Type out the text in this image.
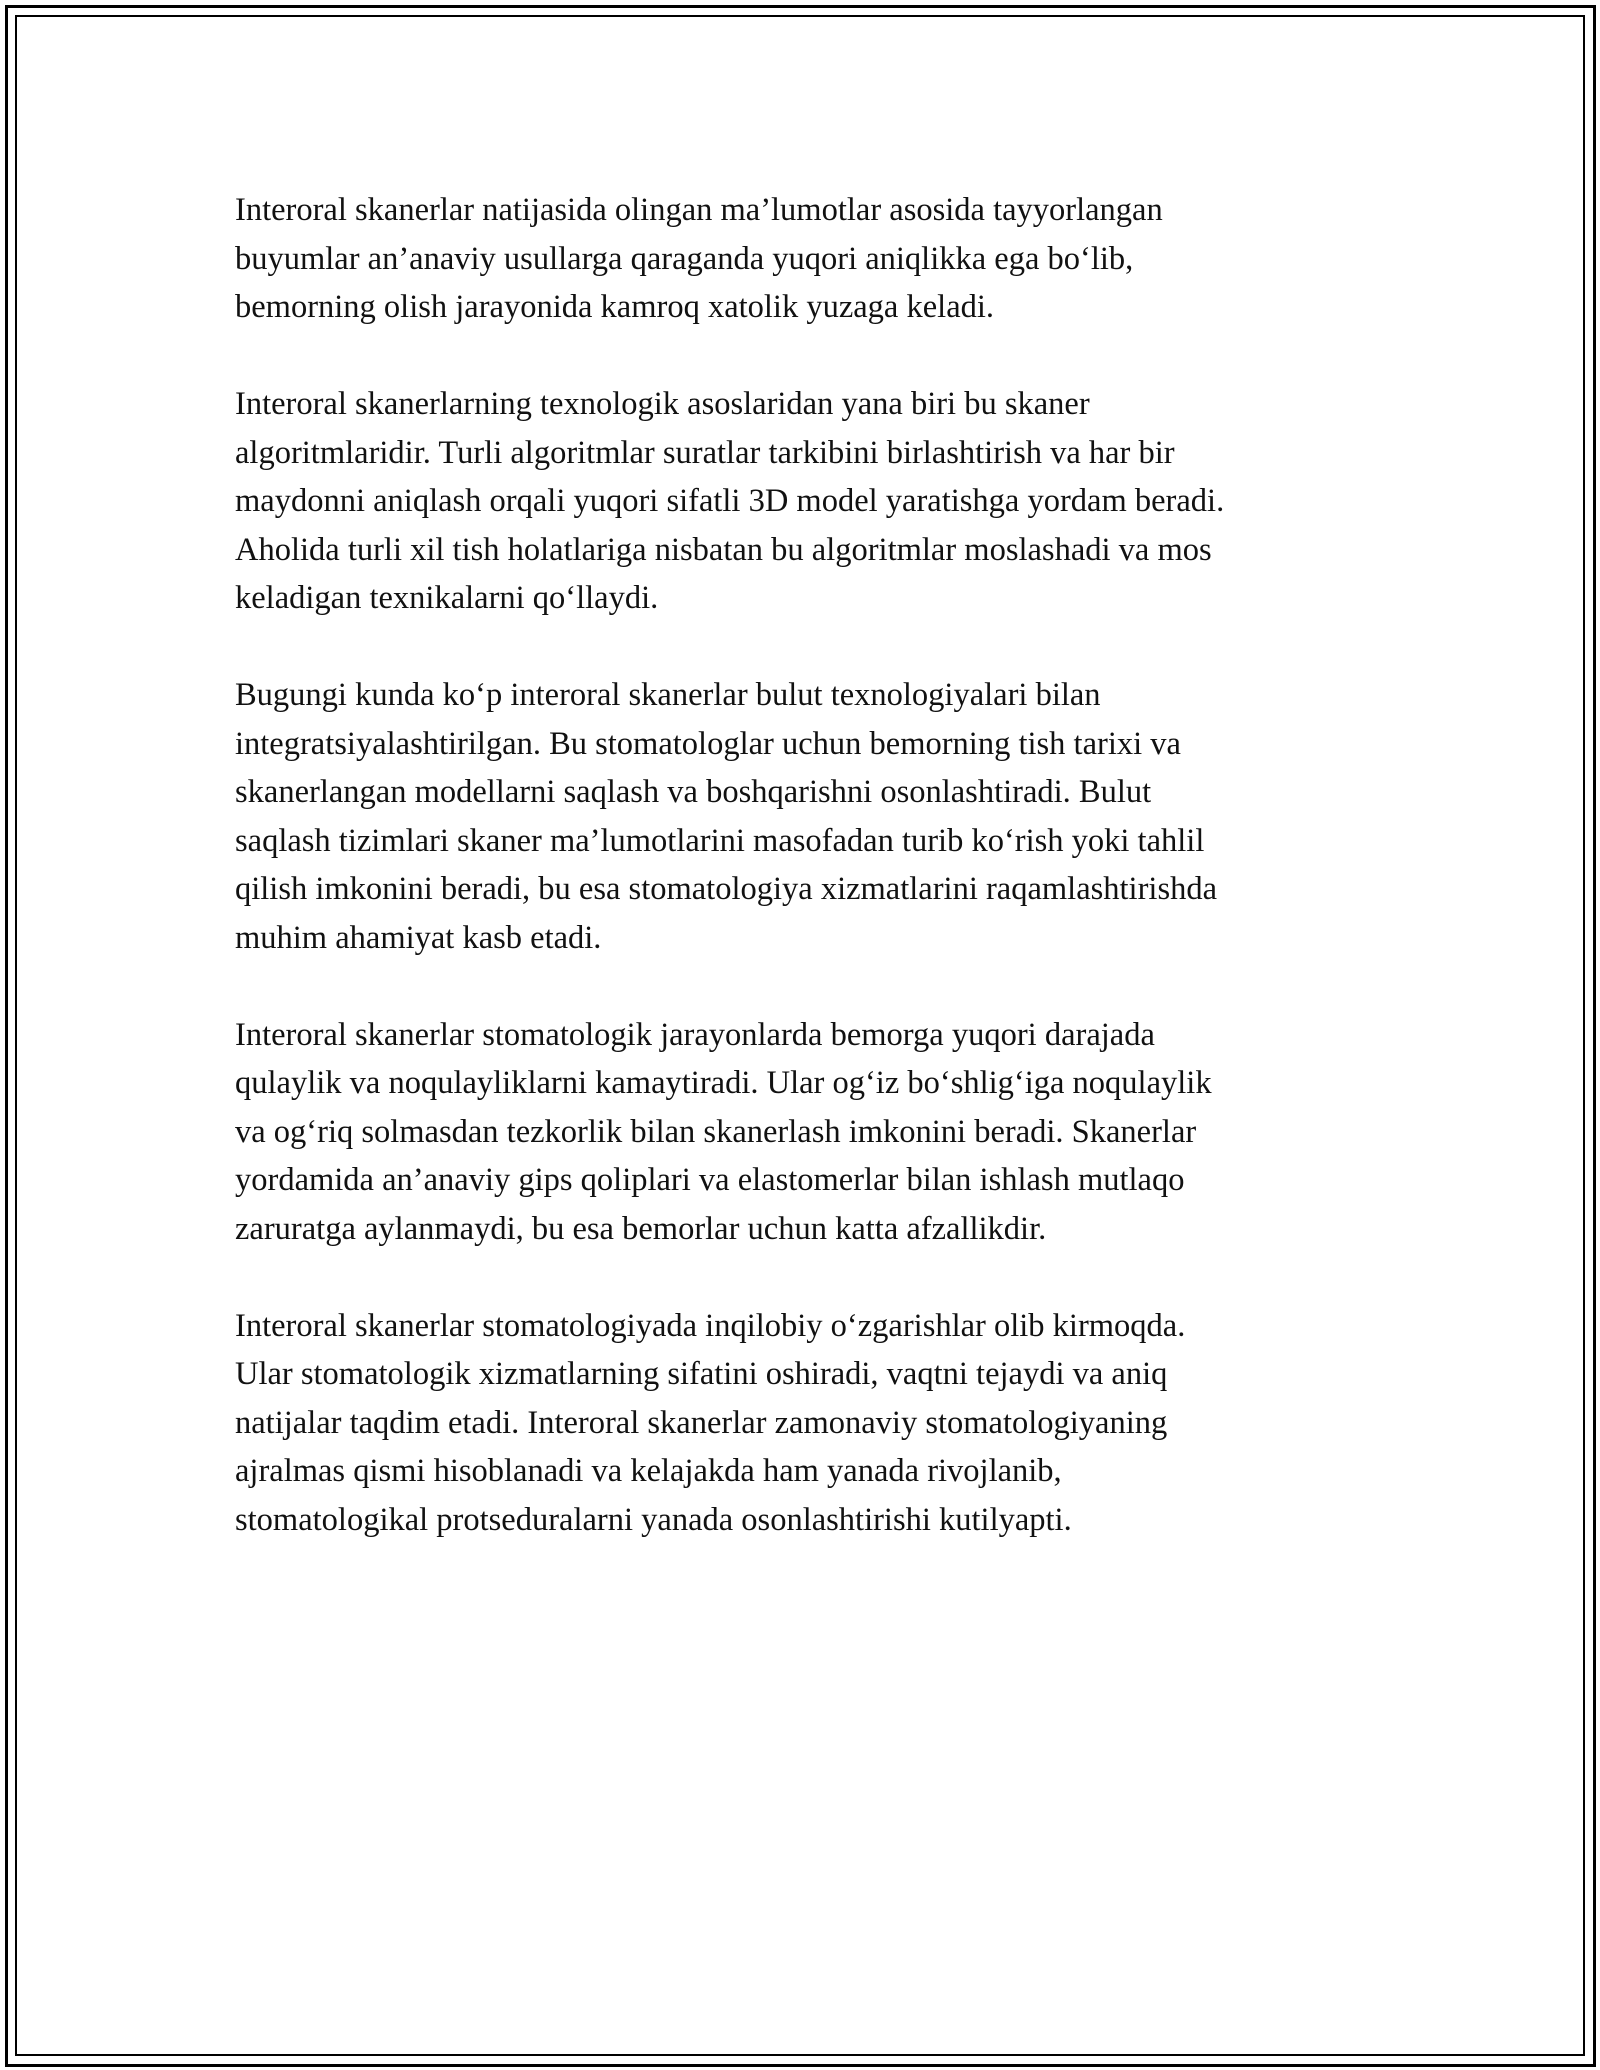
Interoral skanerlar natijasida olingan ma’lumotlar asosida tayyorlangan
buyumlar an’anaviy usullarga qaraganda yuqori aniqlikka ega bo‘lib,
bemorning olish jarayonida kamroq xatolik yuzaga keladi.

Interoral skanerlarning texnologik asoslaridan yana biri bu skaner
algoritmlaridir. Turli algoritmlar suratlar tarkibini birlashtirish va har bir
maydonni aniqlash orqali yuqori sifatli 3D model yaratishga yordam beradi.
Aholida turli xil tish holatlariga nisbatan bu algoritmlar moslashadi va mos
keladigan texnikalarni qo‘llaydi.

Bugungi kunda ko‘p interoral skanerlar bulut texnologiyalari bilan
integratsiyalashtirilgan. Bu stomatologlar uchun bemorning tish tarixi va
skanerlangan modellarni saqlash va boshqarishni osonlashtiradi. Bulut
saqlash tizimlari skaner ma’lumotlarini masofadan turib ko‘rish yoki tahlil
qilish imkonini beradi, bu esa stomatologiya xizmatlarini raqamlashtirishda
muhim ahamiyat kasb etadi.

Interoral skanerlar stomatologik jarayonlarda bemorga yuqori darajada
qulaylik va noqulayliklarni kamaytiradi. Ular og‘iz bo‘shlig‘iga noqulaylik
va og‘riq solmasdan tezkorlik bilan skanerlash imkonini beradi. Skanerlar
yordamida an’anaviy gips qoliplari va elastomerlar bilan ishlash mutlaqo
zaruratga aylanmaydi, bu esa bemorlar uchun katta afzallikdir.

Interoral skanerlar stomatologiyada inqilobiy o‘zgarishlar olib kirmoqda.
Ular stomatologik xizmatlarning sifatini oshiradi, vaqtni tejaydi va aniq
natijalar taqdim etadi. Interoral skanerlar zamonaviy stomatologiyaning
ajralmas qismi hisoblanadi va kelajakda ham yanada rivojlanib,
stomatologikal protseduralarni yanada osonlashtirishi kutilyapti.
